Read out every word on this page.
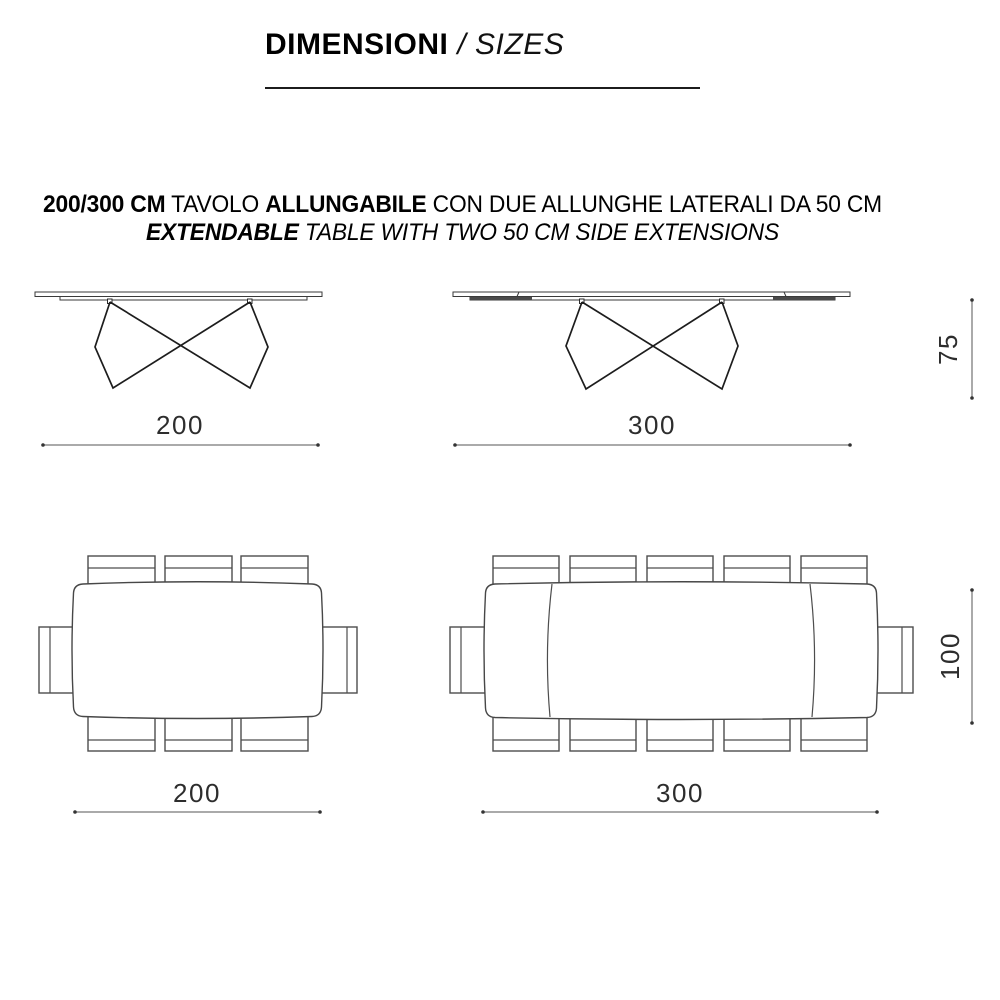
DIMENSIONI / SIZES
200/300 CM TAVOLO ALLUNGABILE CON DUE ALLUNGHE LATERALI DA 50 CM
EXTENDABLE TABLE WITH TWO 50 CM SIDE EXTENSIONS
200	300
75
200	300
100
